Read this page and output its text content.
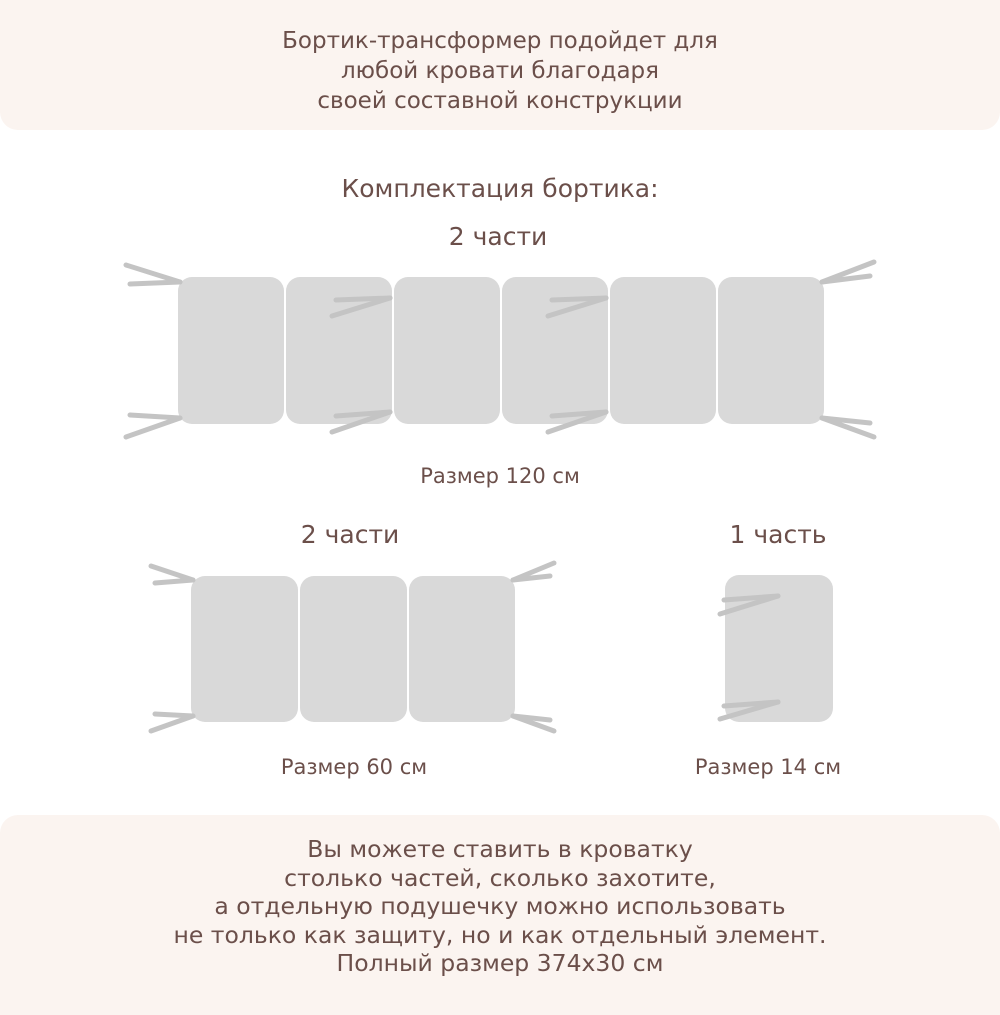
Бортик-трансформер подойдет для
любой кровати благодаря
своей составной конструкции

Комплектация бортика:

2 части

2 части	1 часть

Размер 120 см

Размер 60 см	Размер 14 см

Вы можете ставить в кроватку
столько частей, сколько захотите,
а отдельную подушечку можно использовать
не только как защиту, но и как отдельный элемент.
Полный размер 374х30 см
